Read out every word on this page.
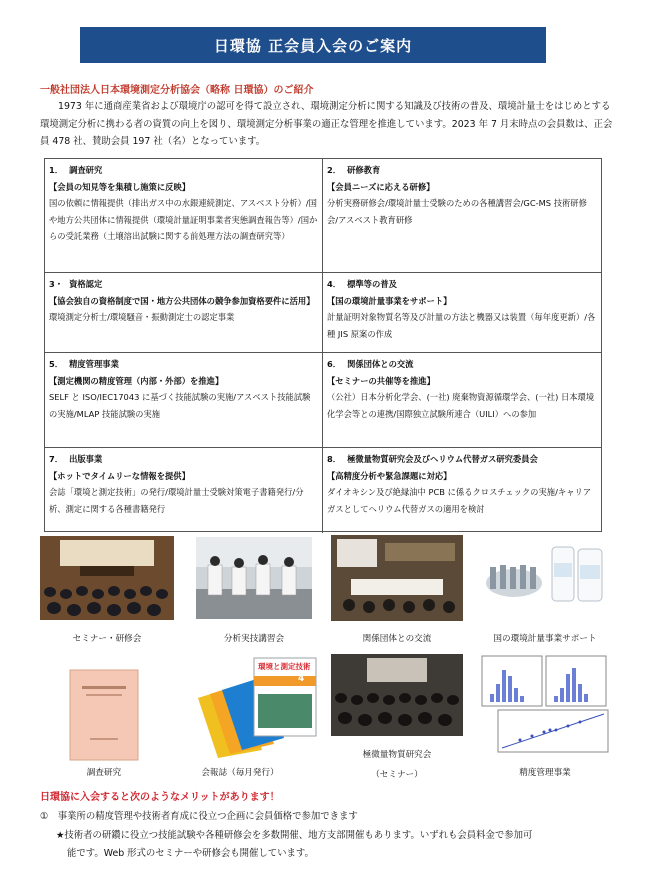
日環協 正会員入会のご案内
一般社団法人日本環境測定分析協会（略称 日環協）のご紹介
1973 年に通商産業省および環境庁の認可を得て設立され、環境測定分析に関する知識及び技術の普及、環境計量士をはじめとする環境測定分析に携わる者の資質の向上を図り、環境測定分析事業の適正な管理を推進しています。2023 年 7 月末時点の会員数は、正会員 478 社、賛助会員 197 社（名）となっています。
1． 調査研究
【会員の知見等を集積し施策に反映】
国の依頼に情報提供（排出ガス中の水銀連続測定、アスベスト分析）/国や地方公共団体に情報提供（環境計量証明事業者実態調査報告等）/国からの受託業務（土壌溶出試験に関する前処理方法の調査研究等）
2． 研修教育
【会員ニーズに応える研修】
分析実務研修会/環境計量士受験のための各種講習会/GC-MS 技術研修会/アスベスト教育研修
3・ 資格認定
【協会独自の資格制度で国・地方公共団体の競争参加資格要件に活用】
環境測定分析士/環境騒音・振動測定士の認定事業
4． 標準等の普及
【国の環境計量事業をサポート】
計量証明対象物質名等及び計量の方法と機器又は装置（毎年度更新）/各種 JIS 原案の作成
5． 精度管理事業
【測定機関の精度管理（内部・外部）を推進】
SELF と ISO/IEC17043 に基づく技能試験の実施/アスベスト技能試験の実施/MLAP 技能試験の実施
6． 関係団体との交流
【セミナーの共催等を推進】
（公社）日本分析化学会、(一社) 廃棄物資源循環学会、(一社) 日本環境化学会等との連携/国際独立試験所連合（UILI）への参加
7． 出版事業
【ホットでタイムリーな情報を提供】
会誌「環境と測定技術」の発行/環境計量士受験対策電子書籍発行/分析、測定に関する各種書籍発行
8． 極微量物質研究会及びヘリウム代替ガス研究委員会
【高精度分析や緊急課題に対応】
ダイオキシン及び絶縁油中 PCB に係るクロスチェックの実施/キャリアガスとしてヘリウム代替ガスの適用を検討
セミナー・研修会	分析実技講習会	関係団体との交流	国の環境計量事業サポート
調査研究
環境と測定技術
4
会報誌（毎月発行）
極微量物質研究会
（セミナー）	精度管理事業
日環協に入会すると次のようなメリットがあります！
①　事業所の精度管理や技術者育成に役立つ企画に会員価格で参加できます
★技術者の研鑽に役立つ技能試験や各種研修会を多数開催、地方支部開催もあります。いずれも会員料金で参加可
能です。Web 形式のセミナーや研修会も開催しています。
